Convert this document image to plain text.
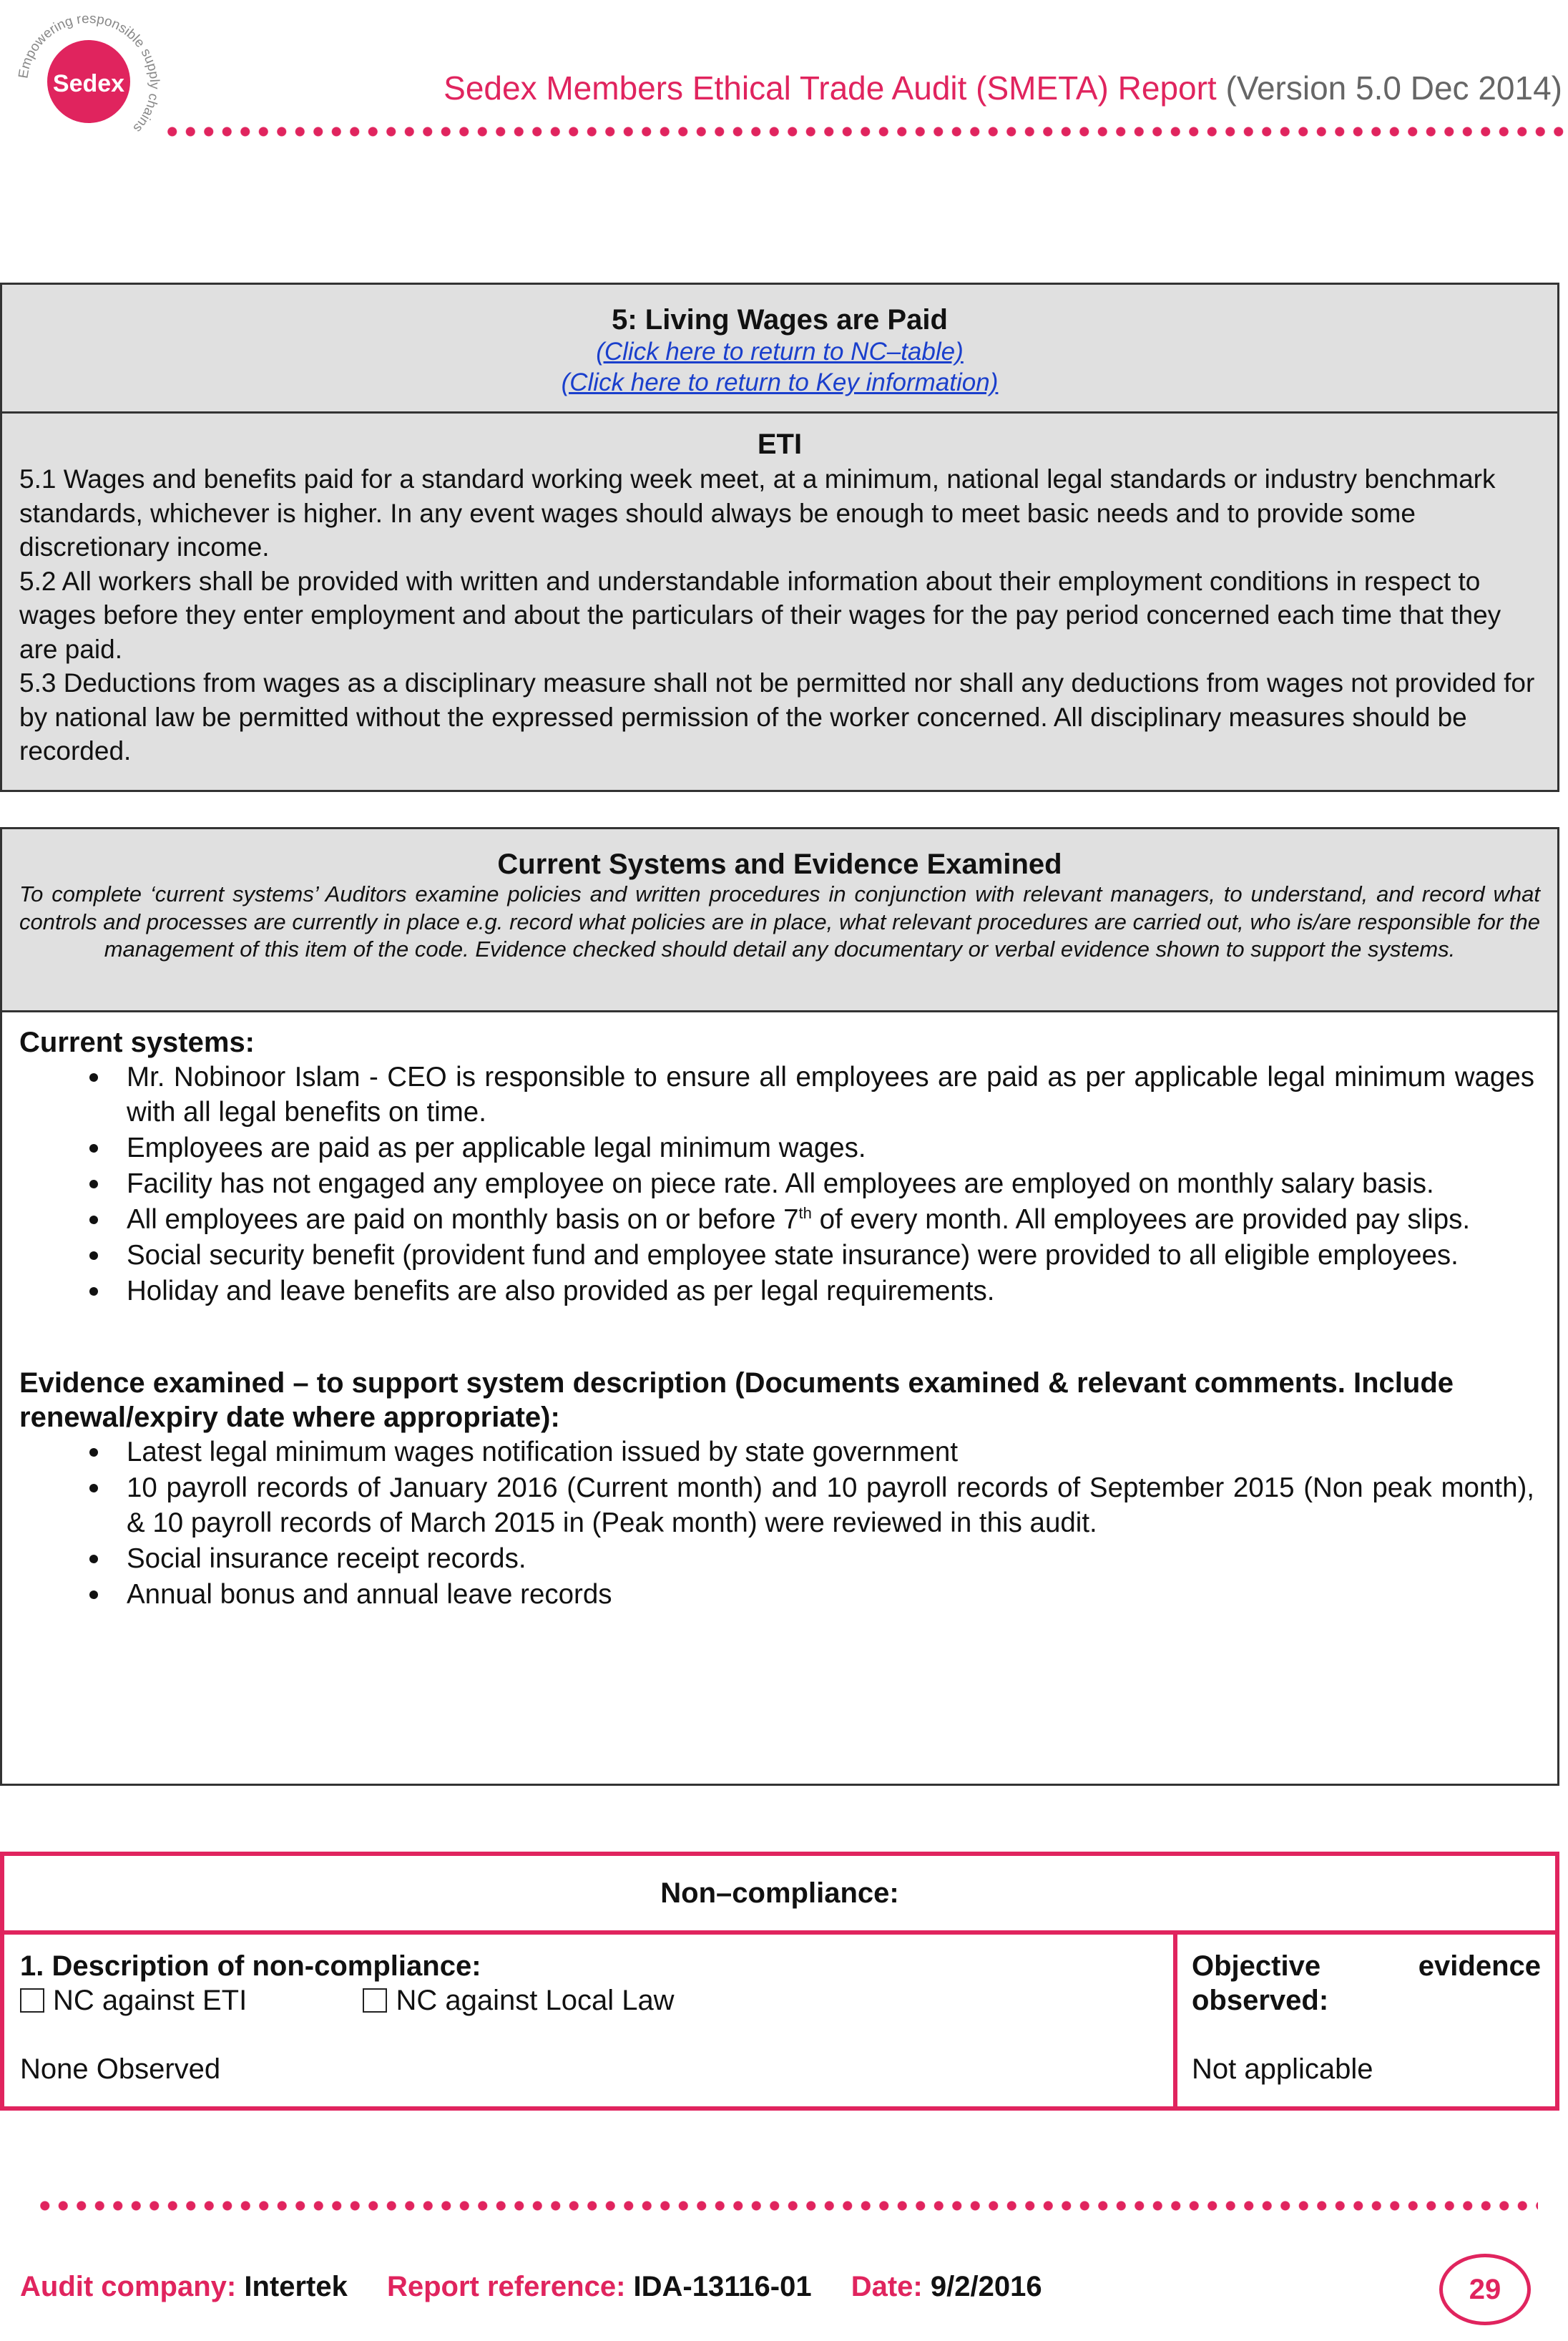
Sedex
Empowering responsible supply chains
Sedex Members Ethical Trade Audit (SMETA) Report (Version 5.0 Dec 2014)
5: Living Wages are Paid
(Click here to return to NC–table)
(Click here to return to Key information)
ETI

5.1 Wages and benefits paid for a standard working week meet, at a minimum, national legal standards or industry benchmark standards, whichever is higher. In any event wages should always be enough to meet basic needs and to provide some discretionary income.

5.2 All workers shall be provided with written and understandable information about their employment conditions in respect to wages before they enter employment and about the particulars of their wages for the pay period concerned each time that they are paid.

5.3 Deductions from wages as a disciplinary measure shall not be permitted nor shall any deductions from wages not provided for by national law be permitted without the expressed permission of the worker concerned. All disciplinary measures should be recorded.

Current Systems and Evidence Examined
To complete ‘current systems’ Auditors examine policies and written procedures in conjunction with relevant managers, to understand, and record what controls and processes are currently in place e.g. record what policies are in place, what relevant procedures are carried out, who is/are responsible for the management of this item of the code. Evidence checked should detail any documentary or verbal evidence shown to support the systems.
Current systems:
Mr. Nobinoor Islam - CEO is responsible to ensure all employees are paid as per applicable legal minimum wages with all legal benefits on time.
Employees are paid as per applicable legal minimum wages.
Facility has not engaged any employee on piece rate. All employees are employed on monthly salary basis.
All employees are paid on monthly basis on or before 7th of every month. All employees are provided pay slips.
Social security benefit (provident fund and employee state insurance) were provided to all eligible employees.
Holiday and leave benefits are also provided as per legal requirements.
Evidence examined – to support system description (Documents examined & relevant comments. Include renewal/expiry date where appropriate):
Latest legal minimum wages notification issued by state government
10 payroll records of January 2016 (Current month) and 10 payroll records of September 2015 (Non peak month), & 10 payroll records of March 2015 in (Peak month) were reviewed in this audit.
Social insurance receipt records.
Annual bonus and annual leave records
Non–compliance:
1. Description of non-compliance:
NC against ETI	NC against Local Law
None Observed
Objective	evidence
observed:
Not applicable
Audit company: Intertek Report reference: IDA-13116-01 Date: 9/2/2016	29
